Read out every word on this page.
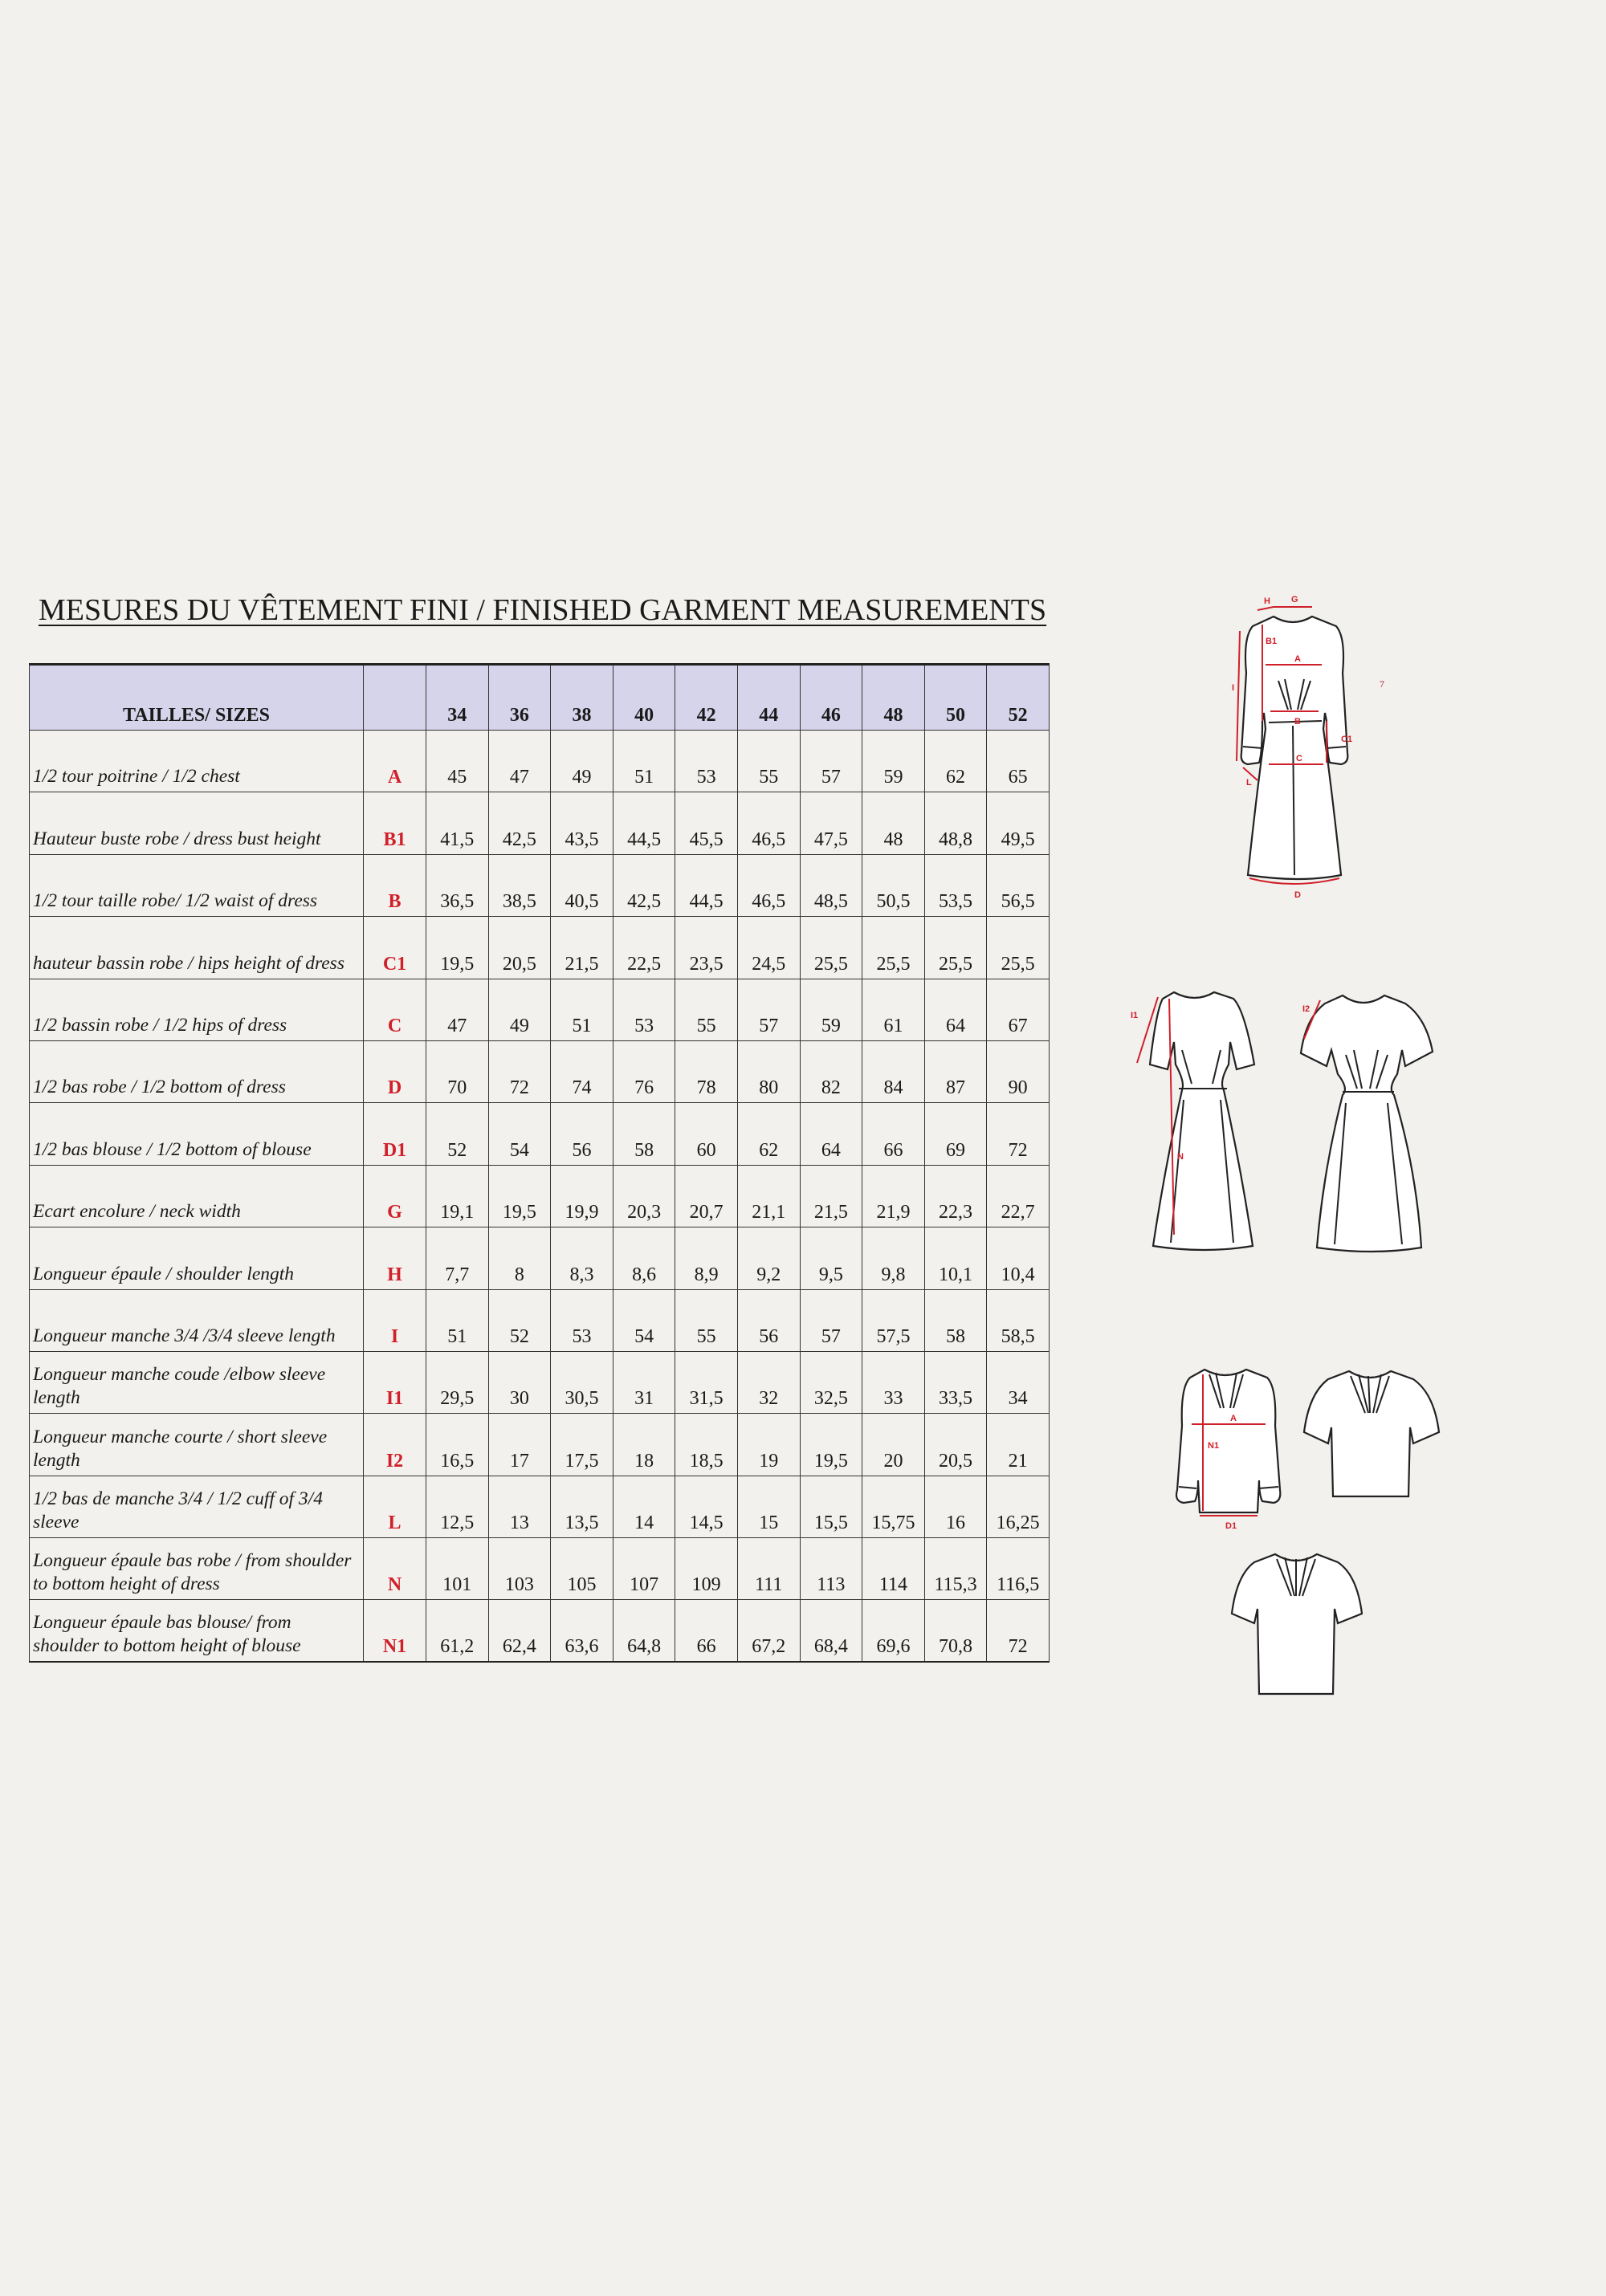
MESURES DU VÊTEMENT FINI / FINISHED GARMENT MEASUREMENTS
TAILLES/ SIZES		34	36	38	40	42	44	46	48	50	52
1/2 tour poitrine / 1/2 chest	A	45	47	49	51	53	55	57	59	62	65
Hauteur buste robe / dress bust height	B1	41,5	42,5	43,5	44,5	45,5	46,5	47,5	48	48,8	49,5
1/2 tour taille robe/ 1/2 waist of dress	B	36,5	38,5	40,5	42,5	44,5	46,5	48,5	50,5	53,5	56,5
hauteur bassin robe / hips height of dress	C1	19,5	20,5	21,5	22,5	23,5	24,5	25,5	25,5	25,5	25,5
1/2 bassin robe / 1/2 hips of dress	C	47	49	51	53	55	57	59	61	64	67
1/2 bas robe / 1/2 bottom of dress	D	70	72	74	76	78	80	82	84	87	90
1/2 bas blouse / 1/2 bottom of blouse	D1	52	54	56	58	60	62	64	66	69	72
Ecart encolure / neck width	G	19,1	19,5	19,9	20,3	20,7	21,1	21,5	21,9	22,3	22,7
Longueur épaule / shoulder length	H	7,7	8	8,3	8,6	8,9	9,2	9,5	9,8	10,1	10,4
Longueur manche 3/4 /3/4 sleeve length	I	51	52	53	54	55	56	57	57,5	58	58,5
Longueur manche coude /elbow sleeve length	I1	29,5	30	30,5	31	31,5	32	32,5	33	33,5	34
Longueur manche courte / short sleeve length	I2	16,5	17	17,5	18	18,5	19	19,5	20	20,5	21
1/2 bas de manche 3/4 / 1/2 cuff of 3/4 sleeve	L	12,5	13	13,5	14	14,5	15	15,5	15,75	16	16,25
Longueur épaule bas robe / from shoulder to bottom height of dress	N	101	103	105	107	109	111	113	114	115,3	116,5
Longueur épaule bas blouse/ from shoulder to bottom height of blouse	N1	61,2	62,4	63,6	64,8	66	67,2	68,4	69,6	70,8	72
H G
B1
A
I
B
C1
C
L
D
7
I1
N
I2
A
N1
D1
